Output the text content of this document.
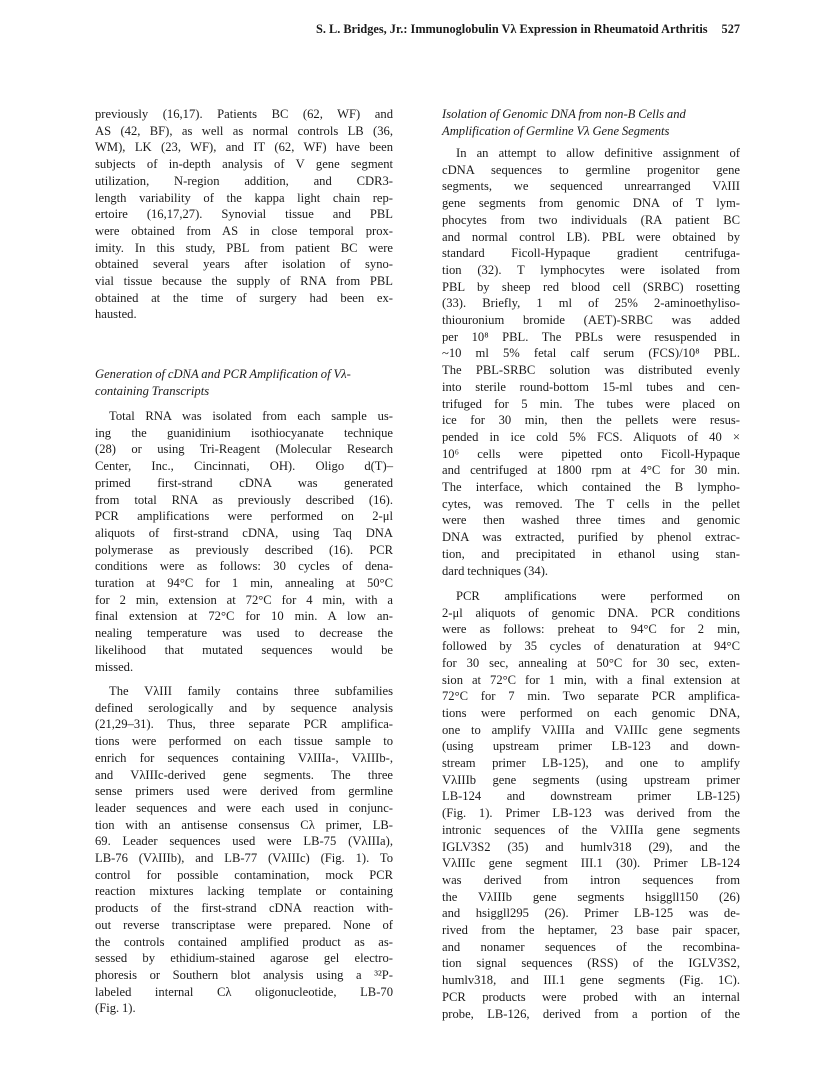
S. L. Bridges, Jr.: Immunoglobulin Vλ Expression in Rheumatoid Arthritis 527
previously (16,17). Patients BC (62, WF) and
AS (42, BF), as well as normal controls LB (36,
WM), LK (23, WF), and IT (62, WF) have been
subjects of in-depth analysis of V gene segment
utilization, N-region addition, and CDR3-
length variability of the kappa light chain rep-
ertoire (16,17,27). Synovial tissue and PBL
were obtained from AS in close temporal prox-
imity. In this study, PBL from patient BC were
obtained several years after isolation of syno-
vial tissue because the supply of RNA from PBL
obtained at the time of surgery had been ex-
hausted.
Generation of cDNA and PCR Amplification of Vλ-
containing Transcripts
Total RNA was isolated from each sample us-
ing the guanidinium isothiocyanate technique
(28) or using Tri-Reagent (Molecular Research
Center, Inc., Cincinnati, OH). Oligo d(T)–
primed first-strand cDNA was generated
from total RNA as previously described (16).
PCR amplifications were performed on 2-μl
aliquots of first-strand cDNA, using Taq DNA
polymerase as previously described (16). PCR
conditions were as follows: 30 cycles of dena-
turation at 94°C for 1 min, annealing at 50°C
for 2 min, extension at 72°C for 4 min, with a
final extension at 72°C for 10 min. A low an-
nealing temperature was used to decrease the
likelihood that mutated sequences would be
missed.
The VλIII family contains three subfamilies
defined serologically and by sequence analysis
(21,29–31). Thus, three separate PCR amplifica-
tions were performed on each tissue sample to
enrich for sequences containing VλIIIa-, VλIIIb-,
and VλIIIc-derived gene segments. The three
sense primers used were derived from germline
leader sequences and were each used in conjunc-
tion with an antisense consensus Cλ primer, LB-
69. Leader sequences used were LB-75 (VλIIIa),
LB-76 (VλIIIb), and LB-77 (VλIIIc) (Fig. 1). To
control for possible contamination, mock PCR
reaction mixtures lacking template or containing
products of the first-strand cDNA reaction with-
out reverse transcriptase were prepared. None of
the controls contained amplified product as as-
sessed by ethidium-stained agarose gel electro-
phoresis or Southern blot analysis using a ³²P-
labeled internal Cλ oligonucleotide, LB-70
(Fig. 1).
Isolation of Genomic DNA from non-B Cells and
Amplification of Germline Vλ Gene Segments
In an attempt to allow definitive assignment of
cDNA sequences to germline progenitor gene
segments, we sequenced unrearranged VλIII
gene segments from genomic DNA of T lym-
phocytes from two individuals (RA patient BC
and normal control LB). PBL were obtained by
standard Ficoll-Hypaque gradient centrifuga-
tion (32). T lymphocytes were isolated from
PBL by sheep red blood cell (SRBC) rosetting
(33). Briefly, 1 ml of 25% 2-aminoethyliso-
thiouronium bromide (AET)-SRBC was added
per 10⁸ PBL. The PBLs were resuspended in
~10 ml 5% fetal calf serum (FCS)/10⁸ PBL.
The PBL-SRBC solution was distributed evenly
into sterile round-bottom 15-ml tubes and cen-
trifuged for 5 min. The tubes were placed on
ice for 30 min, then the pellets were resus-
pended in ice cold 5% FCS. Aliquots of 40 ×
10⁶ cells were pipetted onto Ficoll-Hypaque
and centrifuged at 1800 rpm at 4°C for 30 min.
The interface, which contained the B lympho-
cytes, was removed. The T cells in the pellet
were then washed three times and genomic
DNA was extracted, purified by phenol extrac-
tion, and precipitated in ethanol using stan-
dard techniques (34).
PCR amplifications were performed on
2-μl aliquots of genomic DNA. PCR conditions
were as follows: preheat to 94°C for 2 min,
followed by 35 cycles of denaturation at 94°C
for 30 sec, annealing at 50°C for 30 sec, exten-
sion at 72°C for 1 min, with a final extension at
72°C for 7 min. Two separate PCR amplifica-
tions were performed on each genomic DNA,
one to amplify VλIIIa and VλIIIc gene segments
(using upstream primer LB-123 and down-
stream primer LB-125), and one to amplify
VλIIIb gene segments (using upstream primer
LB-124 and downstream primer LB-125)
(Fig. 1). Primer LB-123 was derived from the
intronic sequences of the VλIIIa gene segments
IGLV3S2 (35) and humlv318 (29), and the
VλIIIc gene segment III.1 (30). Primer LB-124
was derived from intron sequences from
the VλIIIb gene segments hsiggll150 (26)
and hsiggll295 (26). Primer LB-125 was de-
rived from the heptamer, 23 base pair spacer,
and nonamer sequences of the recombina-
tion signal sequences (RSS) of the IGLV3S2,
humlv318, and III.1 gene segments (Fig. 1C).
PCR products were probed with an internal
probe, LB-126, derived from a portion of the
